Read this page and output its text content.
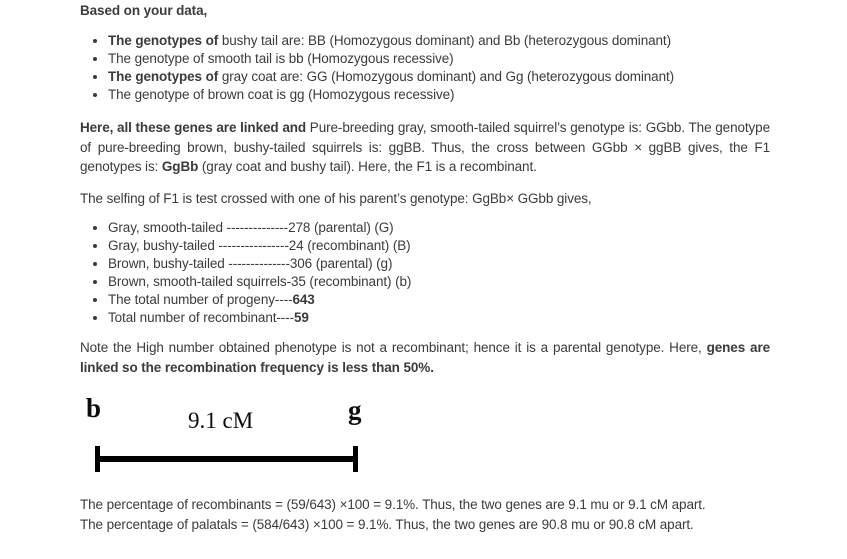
Based on your data,

• The genotypes of bushy tail are: BB (Homozygous dominant) and Bb (heterozygous dominant)
• The genotype of smooth tail is bb (Homozygous recessive)
• The genotypes of gray coat are: GG (Homozygous dominant) and Gg (heterozygous dominant)
• The genotype of brown coat is gg (Homozygous recessive)

Here, all these genes are linked and Pure-breeding gray, smooth-tailed squirrel’s genotype is: GGbb. The genotype of pure-breeding brown, bushy-tailed squirrels is: ggBB. Thus, the cross between GGbb × ggBB gives, the F1 genotypes is: GgBb (gray coat and bushy tail). Here, the F1 is a recombinant.

The selfing of F1 is test crossed with one of his parent’s genotype: GgBb× GGbb gives,

• Gray, smooth-tailed --------------278 (parental) (G)
• Gray, bushy-tailed ----------------24 (recombinant) (B)
• Brown, bushy-tailed --------------306 (parental) (g)
• Brown, smooth-tailed squirrels-35 (recombinant) (b)
• The total number of progeny----643
• Total number of recombinant----59

Note the High number obtained phenotype is not a recombinant; hence it is a parental genotype. Here, genes are linked so the recombination frequency is less than 50%.

b	9.1 cM	g

The percentage of recombinants = (59/643) ×100 = 9.1%. Thus, the two genes are 9.1 mu or 9.1 cM apart.

The percentage of palatals = (584/643) ×100 = 9.1%. Thus, the two genes are 90.8 mu or 90.8 cM apart.
